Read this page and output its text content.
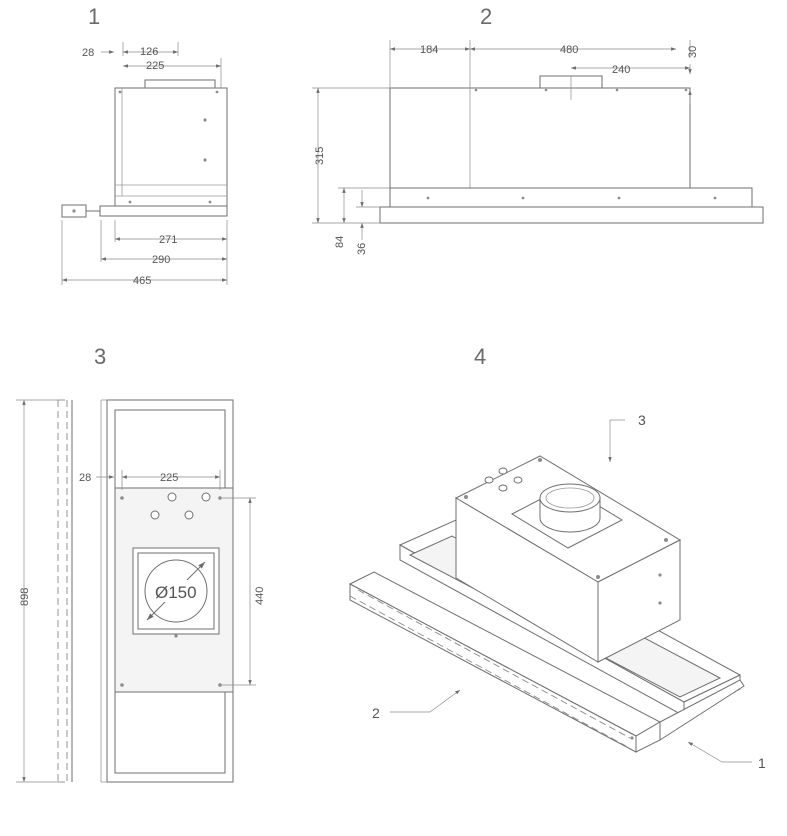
1
28	126
225
271
290
465
2
184	480	30
240
315
84
36
3
Ø150
28	225
440
898
4
3
2
1
